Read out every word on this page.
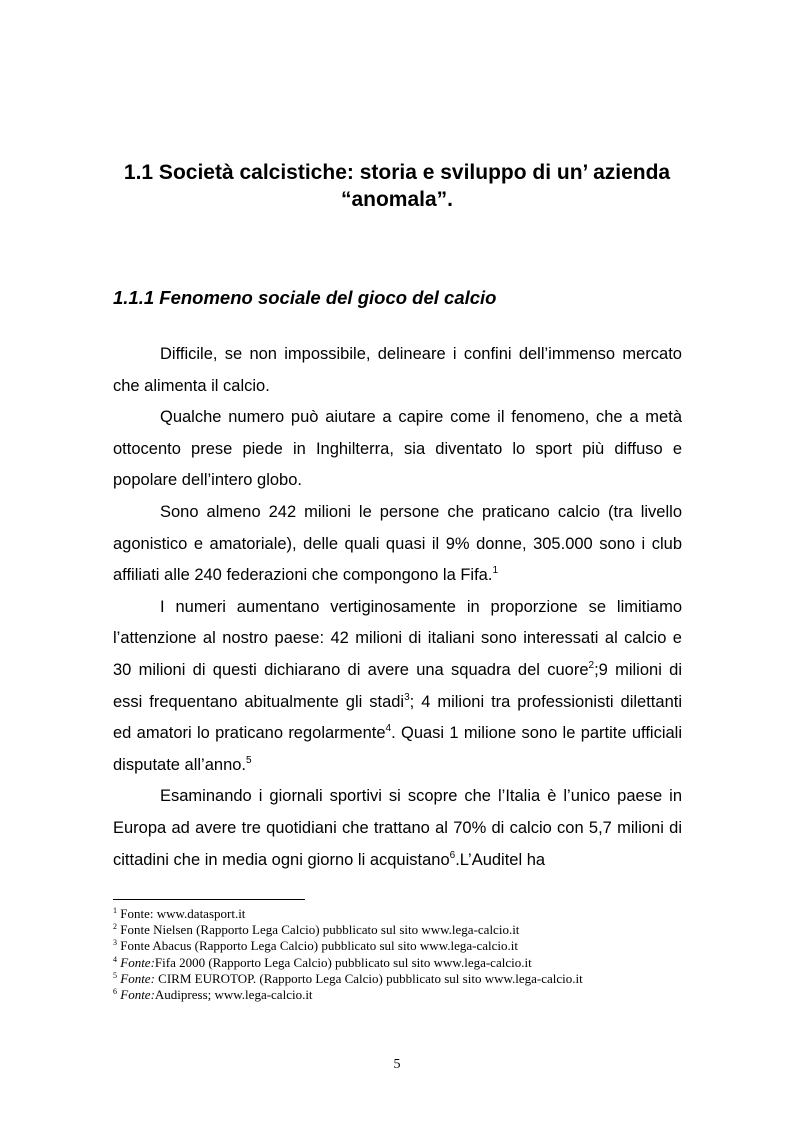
1.1 Società calcistiche: storia e sviluppo di un’ azienda
“anomala”.
1.1.1 Fenomeno sociale del gioco del calcio

Difficile, se non impossibile, delineare i confini dell’immenso mercato che alimenta il calcio.

Qualche numero può aiutare a capire come il fenomeno, che a metà ottocento prese piede in Inghilterra, sia diventato lo sport più diffuso e popolare dell’intero globo.

Sono almeno 242 milioni le persone che praticano calcio (tra livello agonistico e amatoriale), delle quali quasi il 9% donne, 305.000 sono i club affiliati alle 240 federazioni che compongono la Fifa.$^1$

I numeri aumentano vertiginosamente in proporzione se limitiamo l’attenzione al nostro paese: 42 milioni di italiani sono interessati al calcio e 30 milioni di questi dichiarano di avere una squadra del cuore$^2$;9 milioni di essi frequentano abitualmente gli stadi$^3$; 4 milioni tra professionisti dilettanti ed amatori lo praticano regolarmente$^4$. Quasi 1 milione sono le partite ufficiali disputate all’anno.$^5$

Esaminando i giornali sportivi si scopre che l’Italia è l’unico paese in Europa ad avere tre quotidiani che trattano al 70% di calcio con 5,7 milioni di cittadini che in media ogni giorno li acquistano$^6$.L’Auditel ha

$^1$ Fonte: www.datasport.it
$^2$ Fonte Nielsen (Rapporto Lega Calcio) pubblicato sul sito www.lega-calcio.it
$^3$ Fonte Abacus (Rapporto Lega Calcio) pubblicato sul sito www.lega-calcio.it
$^4$ Fonte:Fifa 2000 (Rapporto Lega Calcio) pubblicato sul sito www.lega-calcio.it
$^5$ Fonte: CIRM EUROTOP. (Rapporto Lega Calcio) pubblicato sul sito www.lega-calcio.it
$^6$ Fonte:Audipress; www.lega-calcio.it
5
